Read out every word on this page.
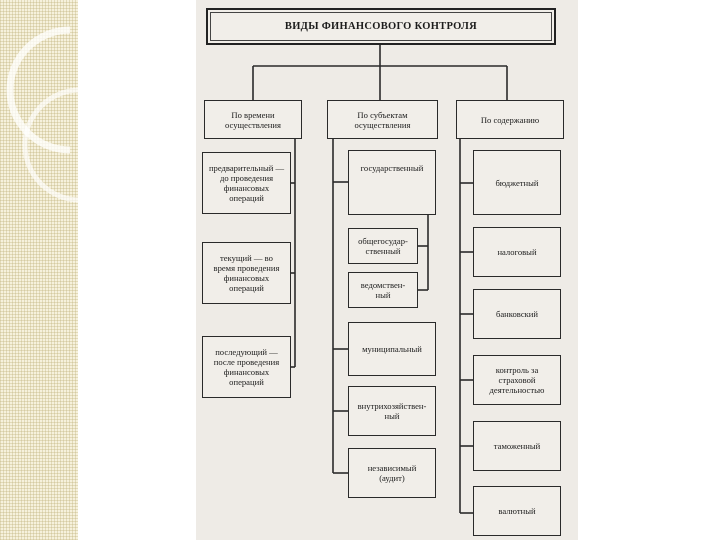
ВИДЫ ФИНАНСОВОГО КОНТРОЛЯ
По времени
осуществления
По субъектам
осуществления	По содержанию
предварительный —
до проведения
финансовых
операций
текущий — во
время проведения
финансовых
операций
последующий —
после проведения
финансовых
операций
государственный
общегосудар-
ственный
ведомствен-
ный
муниципальный
внутрихозяйствен-
ный
независимый
(аудит)
бюджетный
налоговый
банковский
контроль за
страховой
деятельностью
таможенный
валютный
